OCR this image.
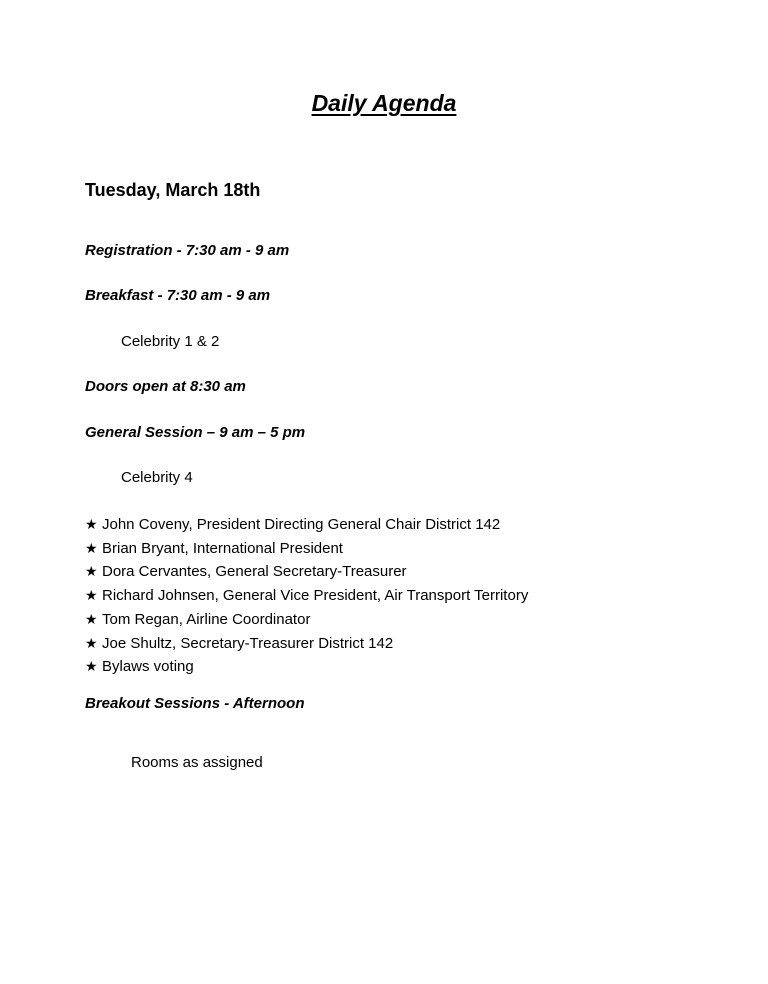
Daily Agenda
Tuesday, March 18th

Registration - 7:30 am - 9 am

Breakfast - 7:30 am - 9 am

Celebrity 1 & 2

Doors open at 8:30 am

General Session – 9 am – 5 pm

Celebrity 4

★ John Coveny, President Directing General Chair District 142
★ Brian Bryant, International President
★ Dora Cervantes, General Secretary-Treasurer
★ Richard Johnsen, General Vice President, Air Transport Territory
★ Tom Regan, Airline Coordinator
★ Joe Shultz, Secretary-Treasurer District 142
★ Bylaws voting

Breakout Sessions - Afternoon

Rooms as assigned
